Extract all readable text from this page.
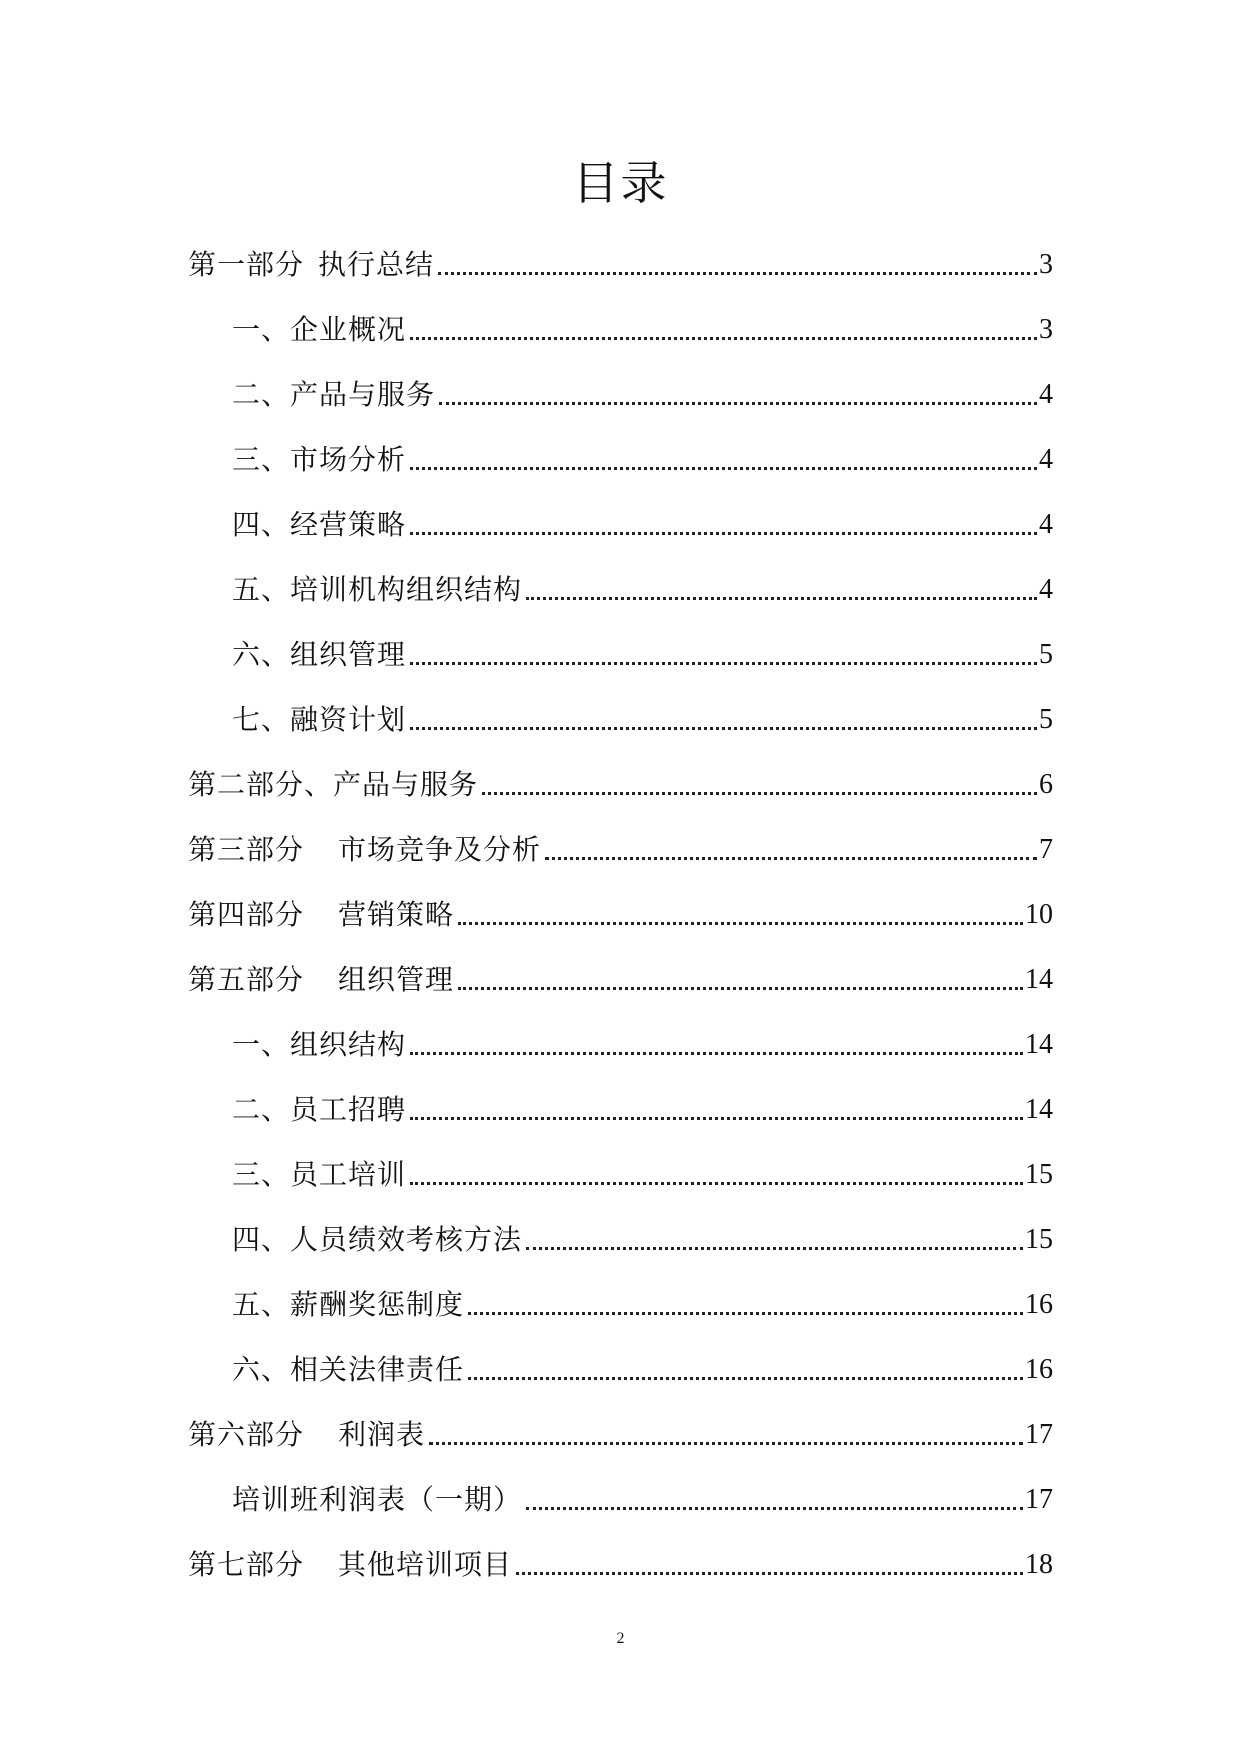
目录
第一部分 执行总结	3
一、企业概况	3
二、产品与服务	4
三、市场分析	4
四、经营策略	4
五、培训机构组织结构	4
六、组织管理	5
七、融资计划	5
第二部分、产品与服务	6
第三部分 市场竞争及分析	7
第四部分 营销策略	10
第五部分 组织管理	14
一、组织结构	14
二、员工招聘	14
三、员工培训	15
四、人员绩效考核方法	15
五、薪酬奖惩制度	16
六、相关法律责任	16
第六部分 利润表	17
培训班利润表（一期）	17
第七部分 其他培训项目	18
2
